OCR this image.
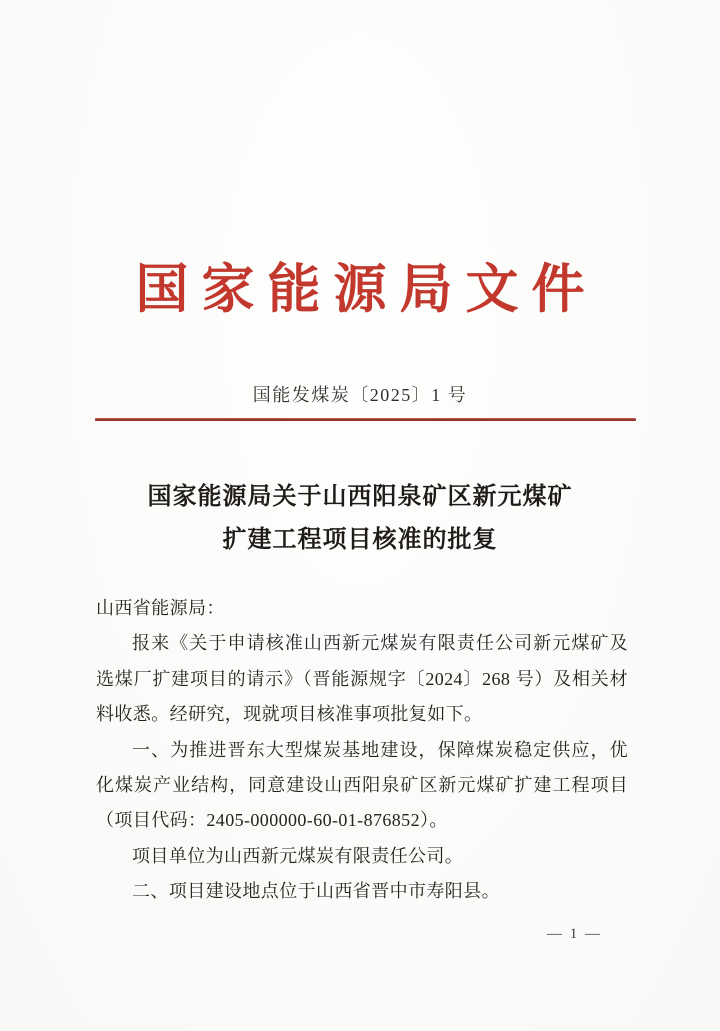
国家能源局文件
国能发煤炭〔2025〕1 号
国家能源局关于山西阳泉矿区新元煤矿
扩建工程项目核准的批复

山西省能源局：

报来《关于申请核准山西新元煤炭有限责任公司新元煤矿及选煤厂扩建项目的请示》（晋能源规字〔2024〕268 号）及相关材料收悉。经研究，现就项目核准事项批复如下。

一、为推进晋东大型煤炭基地建设，保障煤炭稳定供应，优化煤炭产业结构，同意建设山西阳泉矿区新元煤矿扩建工程项目（项目代码：2405-000000-60-01-876852）。

项目单位为山西新元煤炭有限责任公司。

二、项目建设地点位于山西省晋中市寿阳县。

— 1 —
